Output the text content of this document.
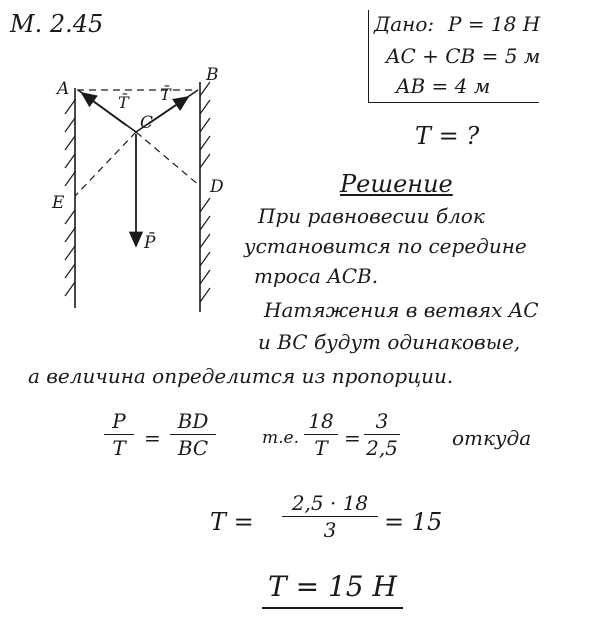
М. 2.45	Дано: P = 18 H
AC + CB = 5 м
AB = 4 м
T = ?
A
B
C
D
E
T̄ T̄
P̄
Решение
При равновесии блок
установится по середине
троса ACB.
Натяжения в ветвях AC
и BC будут одинаковые,
а величина определится из пропорции.
P
T =
BD
BC	т.е.
18
T =
3
2,5	откуда
T =
2,5 · 18
3	= 15
T = 15 H
